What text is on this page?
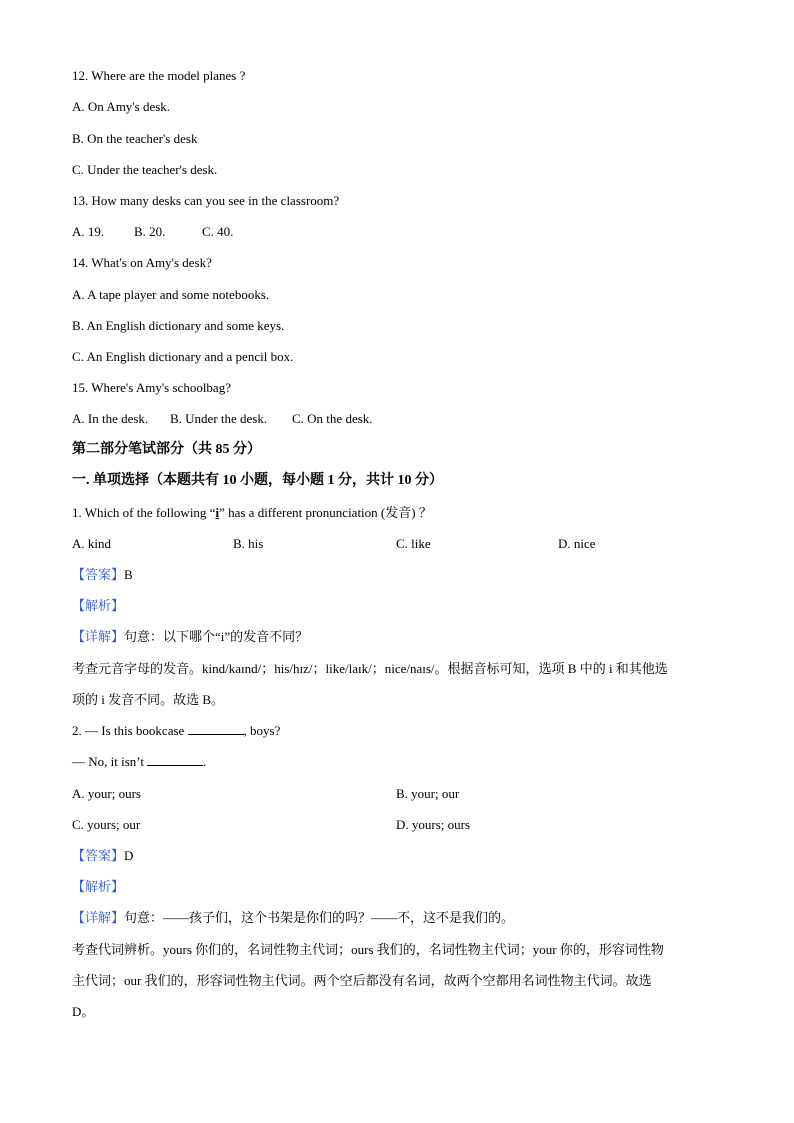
12. Where are the model planes ?
A. On Amy's desk.
B. On the teacher's desk
C. Under the teacher's desk.
13. How many desks can you see in the classroom?
A. 19. B. 20.	C. 40.
14. What's on Amy's desk?
A. A tape player and some notebooks.
B. An English dictionary and some keys.
C. An English dictionary and a pencil box.
15. Where's Amy's schoolbag?
A. In the desk. B. Under the desk. C. On the desk.
第二部分笔试部分（共 85 分）
一. 单项选择（本题共有 10 小题，每小题 1 分，共计 10 分）
1. Which of the following “i” has a different pronunciation (发音) ？
A. kind	B. his	C. like	D. nice
【答案】B
【解析】
【详解】句意：以下哪个“i”的发音不同？
考查元音字母的发音。kind/kaɪnd/；his/hɪz/；like/laɪk/；nice/naɪs/。根据音标可知，选项 B 中的 i 和其他选
项的 i 发音不同。故选 B。
2. — Is this bookcase	, boys?
— No, it isn’t	.
A. your; ours	B. your; our
C. yours; our	D. yours; ours
【答案】D
【解析】
【详解】句意：——孩子们，这个书架是你们的吗？——不，这不是我们的。
考查代词辨析。yours 你们的，名词性物主代词；ours 我们的，名词性物主代词；your 你的，形容词性物
主代词；our 我们的，形容词性物主代词。两个空后都没有名词，故两个空都用名词性物主代词。故选
D。
